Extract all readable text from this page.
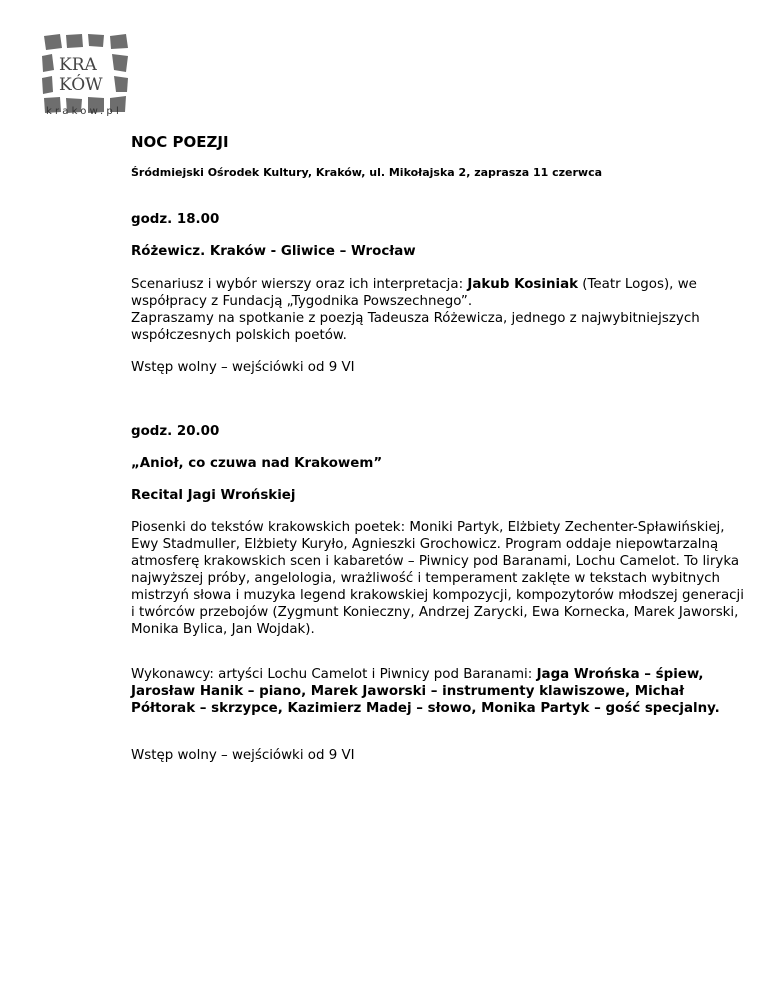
KRA
KÓW
krakow.pl
NOC POEZJI

Śródmiejski Ośrodek Kultury, Kraków, ul. Mikołajska 2, zaprasza 11 czerwca

godz. 18.00

Różewicz. Kraków - Gliwice – Wrocław

Scenariusz i wybór wierszy oraz ich interpretacja: Jakub Kosiniak (Teatr Logos), we współpracy z Fundacją „Tygodnika Powszechnego”.
Zapraszamy na spotkanie z poezją Tadeusza Różewicza, jednego z najwybitniejszych współczesnych polskich poetów.

Wstęp wolny – wejściówki od 9 VI

godz. 20.00

„Anioł, co czuwa nad Krakowem”

Recital Jagi Wrońskiej

Piosenki do tekstów krakowskich poetek: Moniki Partyk, Elżbiety Zechenter-Spławińskiej, Ewy Stadmuller, Elżbiety Kuryło, Agnieszki Grochowicz. Program oddaje niepowtarzalną atmosferę krakowskich scen i kabaretów – Piwnicy pod Baranami, Lochu Camelot. To liryka najwyższej próby, angelologia, wrażliwość i temperament zaklęte w tekstach wybitnych mistrzyń słowa i muzyka legend krakowskiej kompozycji, kompozytorów młodszej generacji i twórców przebojów (Zygmunt Konieczny, Andrzej Zarycki, Ewa Kornecka, Marek Jaworski, Monika Bylica, Jan Wojdak).

Wykonawcy: artyści Lochu Camelot i Piwnicy pod Baranami: Jaga Wrońska – śpiew, Jarosław Hanik – piano, Marek Jaworski – instrumenty klawiszowe, Michał Półtorak – skrzypce, Kazimierz Madej – słowo, Monika Partyk – gość specjalny.

Wstęp wolny – wejściówki od 9 VI
